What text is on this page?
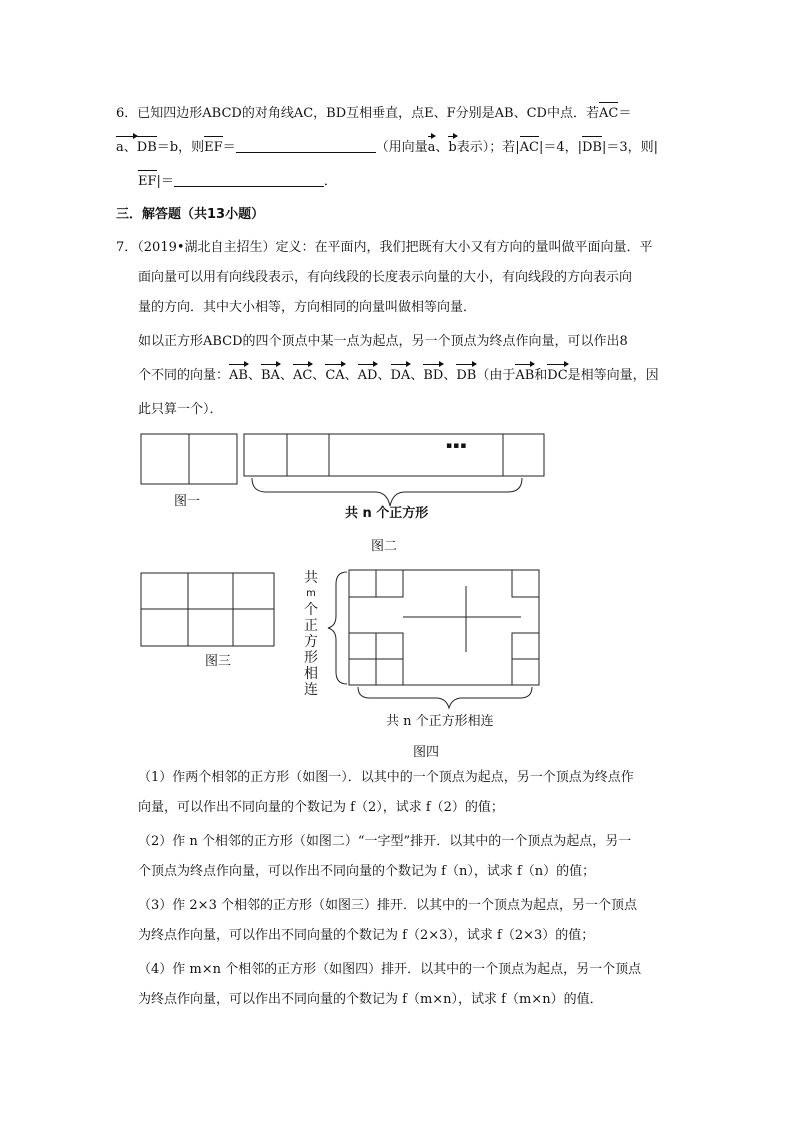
6．已知四边形ABCD的对角线AC，BD互相垂直，点E、F分别是AB、CD中点．若AC＝
a、DB＝b，则EF＝	（用向量a、b表示）；若|AC|＝4，|DB|＝3，则|
EF|＝	．
三．解答题（共13小题）
7．（2019•湖北自主招生）定义：在平面内，我们把既有大小又有方向的量叫做平面向量．平
面向量可以用有向线段表示，有向线段的长度表示向量的大小，有向线段的方向表示向
量的方向．其中大小相等，方向相同的向量叫做相等向量．
如以正方形ABCD的四个顶点中某一点为起点，另一个顶点为终点作向量，可以作出8
个不同的向量：AB、BA、AC、CA、AD、DA、BD、DB（由于AB和DC是相等向量，因
此只算一个）．
图一
▪▪▪
共 n 个正方形
图二
图三
共
m
个
正
方
形
相
连
共 n 个正方形相连
图四
（1）作两个相邻的正方形（如图一）．以其中的一个顶点为起点，另一个顶点为终点作
向量，可以作出不同向量的个数记为 f（2），试求 f（2）的值；
（2）作 n 个相邻的正方形（如图二）“一字型”排开．以其中的一个顶点为起点，另一
个顶点为终点作向量，可以作出不同向量的个数记为 f（n），试求 f（n）的值；
（3）作 2×3 个相邻的正方形（如图三）排开．以其中的一个顶点为起点，另一个顶点
为终点作向量，可以作出不同向量的个数记为 f（2×3），试求 f（2×3）的值；
（4）作 m×n 个相邻的正方形（如图四）排开．以其中的一个顶点为起点，另一个顶点
为终点作向量，可以作出不同向量的个数记为 f（m×n），试求 f（m×n）的值．
